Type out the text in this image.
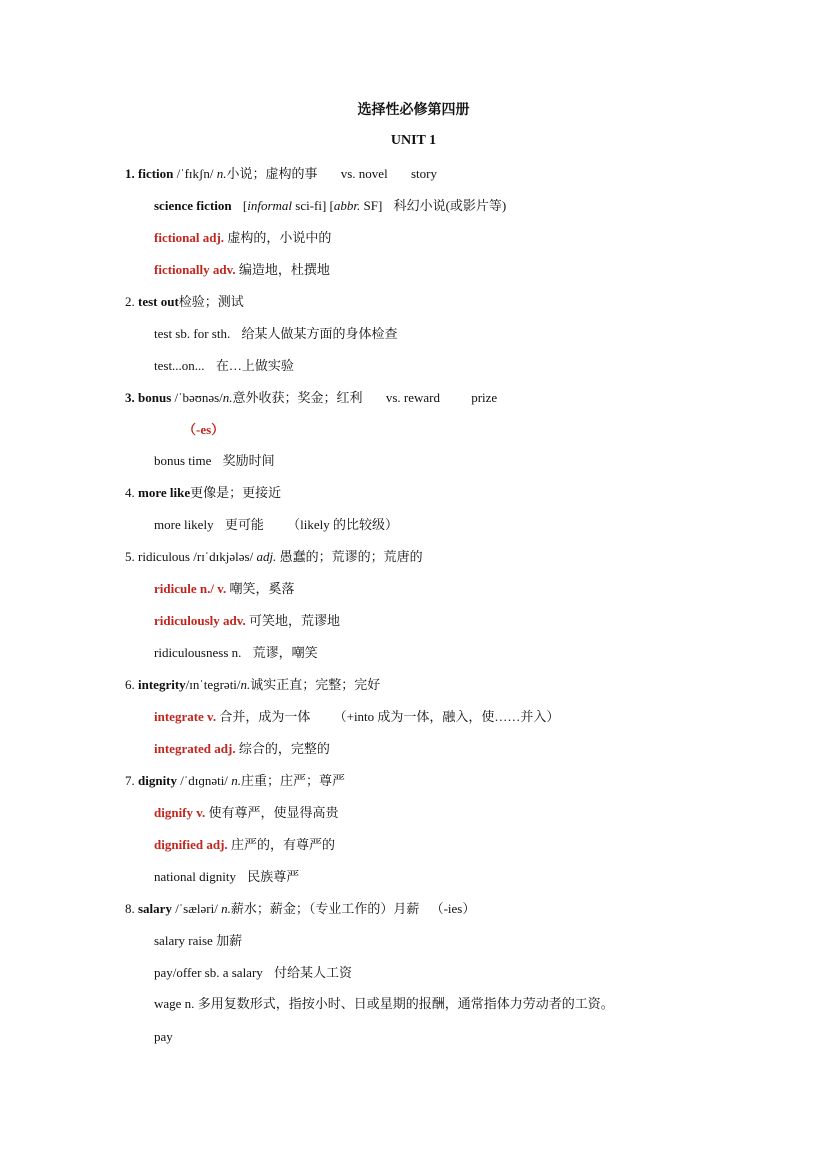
选择性必修第四册
UNIT 1
1. fiction /ˈfɪkʃn/ n.小说；虚构的事 vs. novel story
science fiction [informal sci-fi] [abbr. SF] 科幻小说(或影片等)
fictional adj. 虚构的，小说中的
fictionally adv. 编造地，杜撰地
2. test out检验；测试
test sb. for sth. 给某人做某方面的身体检查
test...on... 在…上做实验
3. bonus /ˈbəʊnəs/n.意外收获；奖金；红利 vs. reward prize
（-es）
bonus time 奖励时间
4. more like更像是；更接近
more likely 更可能 （likely 的比较级）
5. ridiculous /rɪˈdɪkjələs/ adj. 愚蠢的；荒谬的；荒唐的
ridicule n./ v. 嘲笑，奚落
ridiculously adv. 可笑地，荒谬地
ridiculousness n. 荒谬，嘲笑
6. integrity/ɪnˈtegrəti/n.诚实正直；完整；完好
integrate v. 合并，成为一体 （+into 成为一体，融入，使……并入）
integrated adj. 综合的，完整的
7. dignity /ˈdɪɡnəti/ n.庄重；庄严；尊严
dignify v. 使有尊严，使显得高贵
dignified adj. 庄严的，有尊严的
national dignity 民族尊严
8. salary /ˈsæləri/ n.薪水；薪金；（专业工作的）月薪 （-ies）
salary raise 加薪
pay/offer sb. a salary 付给某人工资
wage n. 多用复数形式，指按小时、日或星期的报酬，通常指体力劳动者的工资。
pay
